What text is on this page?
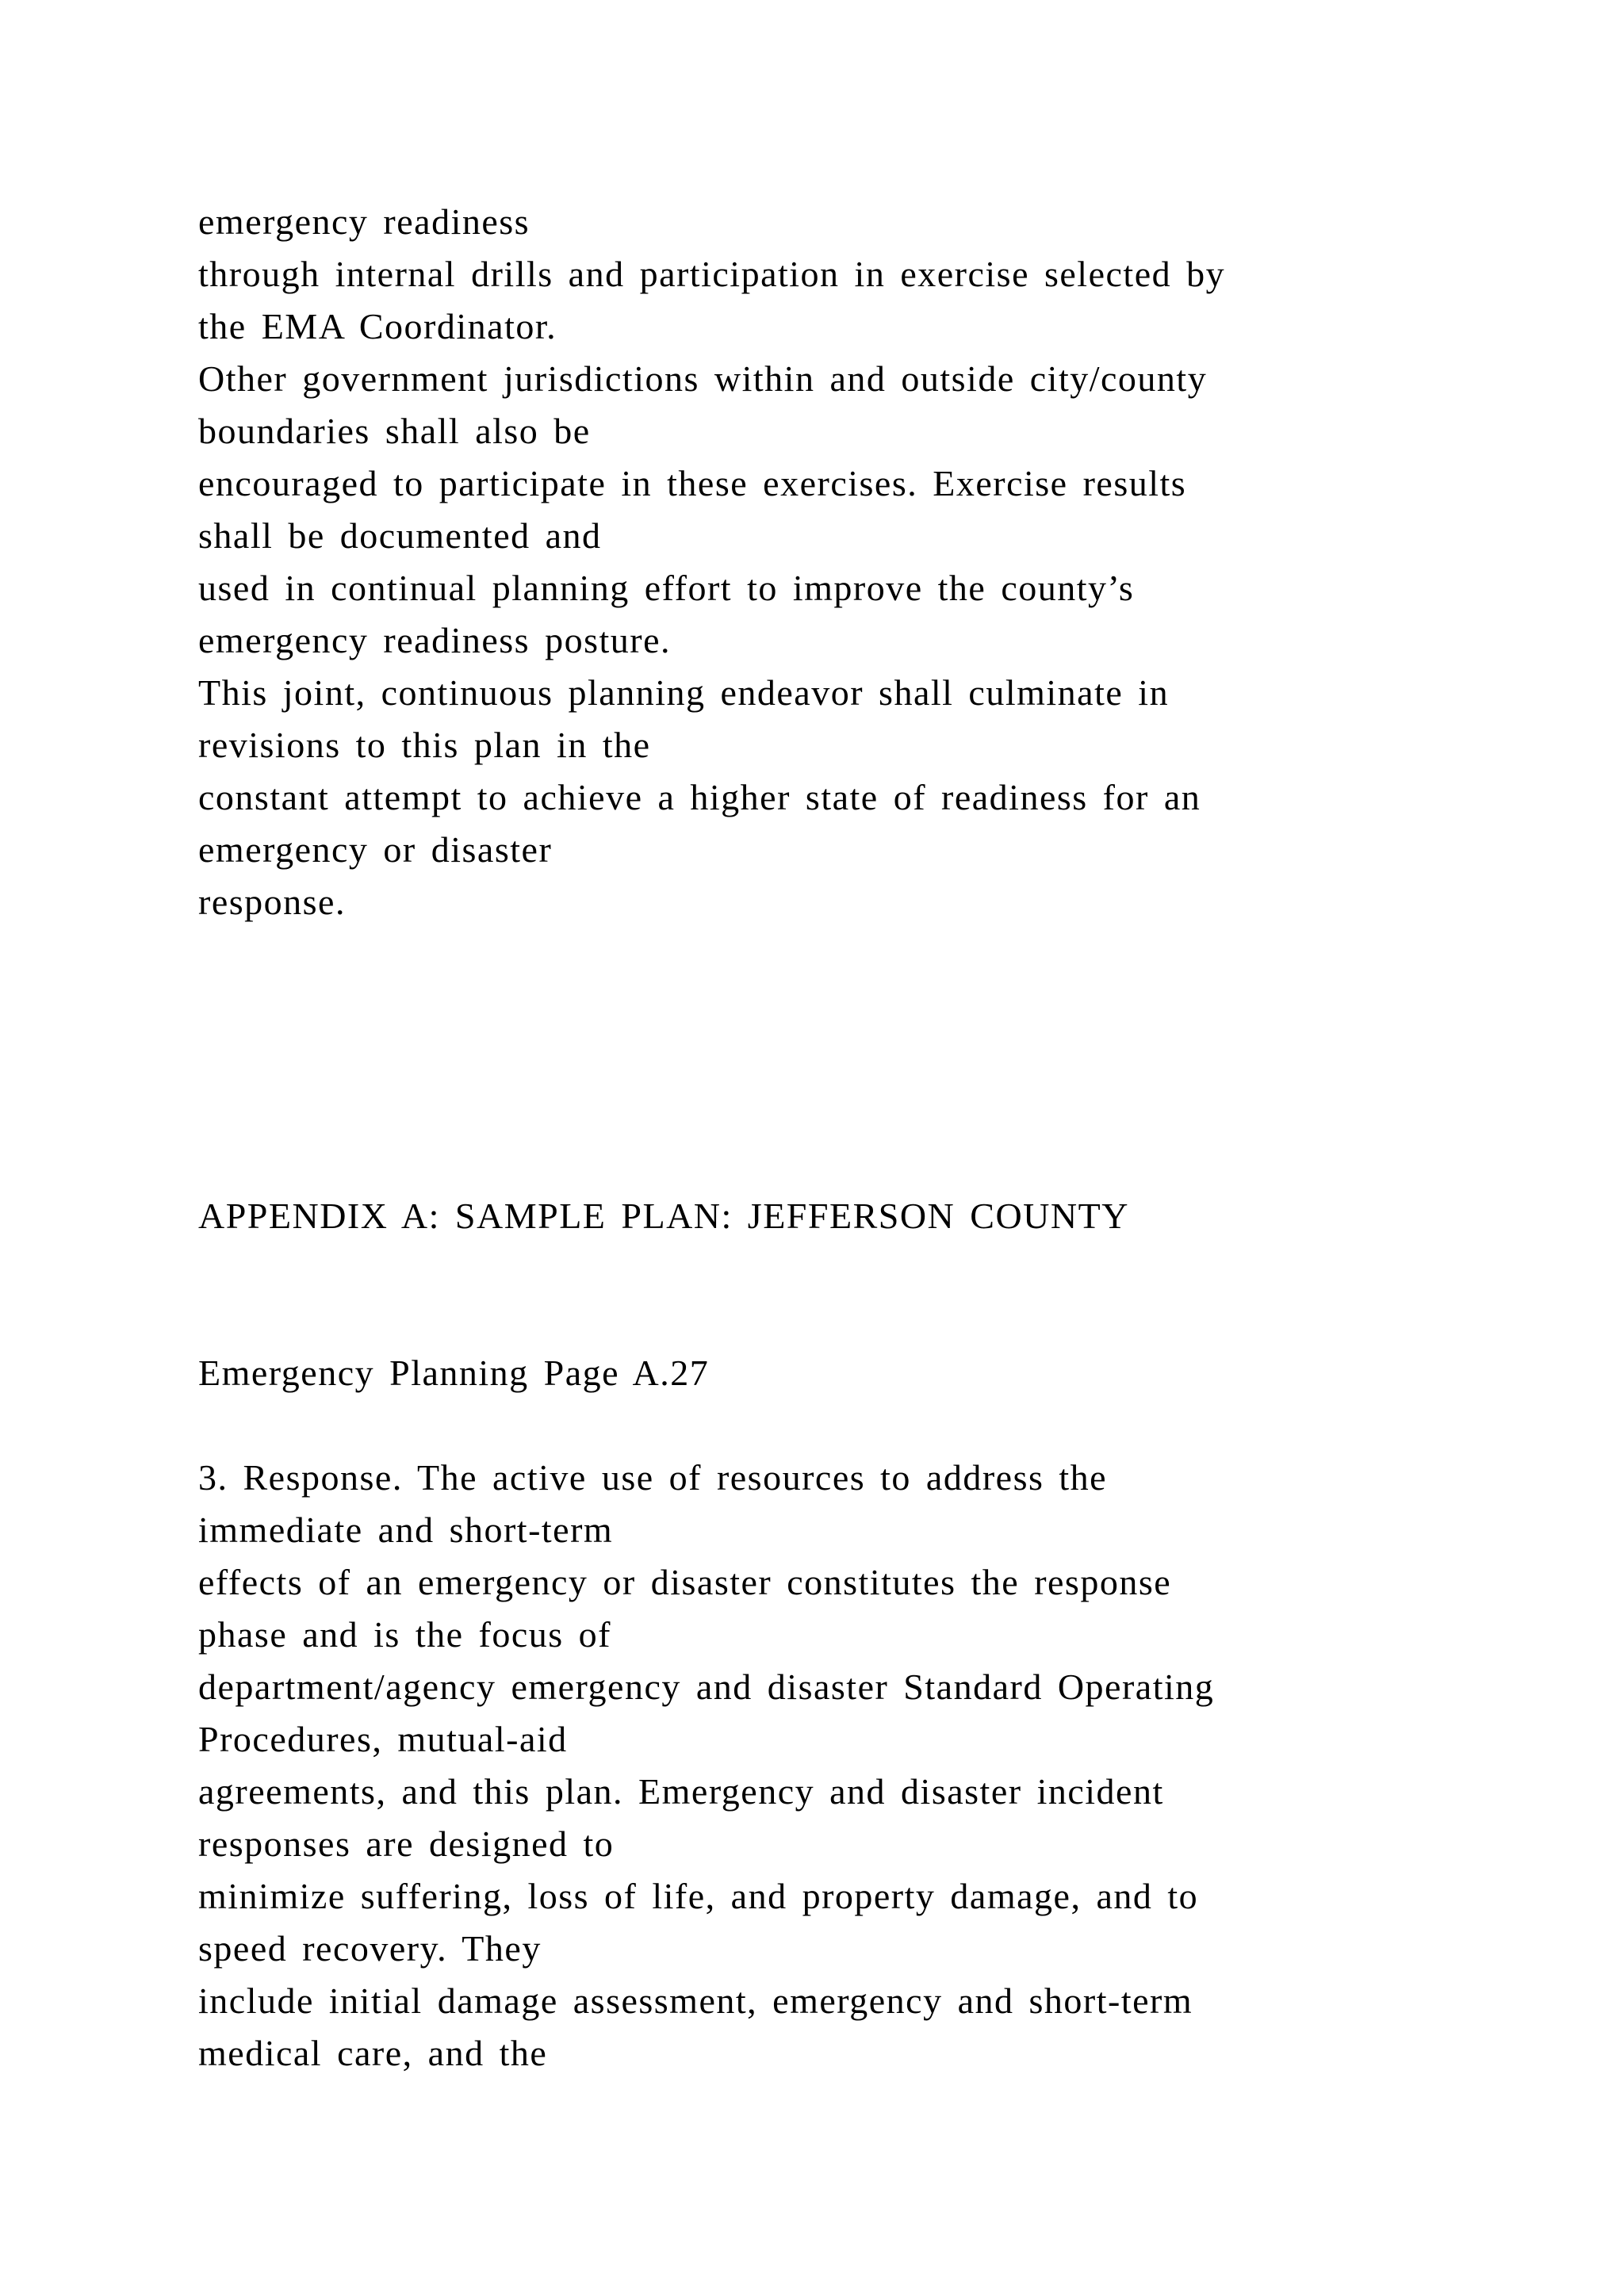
emergency readiness

through internal drills and participation in exercise selected by

the EMA Coordinator.

Other government jurisdictions within and outside city/county

boundaries shall also be

encouraged to participate in these exercises. Exercise results

shall be documented and

used in continual planning effort to improve the county’s

emergency readiness posture.

This joint, continuous planning endeavor shall culminate in

revisions to this plan in the

constant attempt to achieve a higher state of readiness for an

emergency or disaster

response.

APPENDIX A: SAMPLE PLAN: JEFFERSON COUNTY

Emergency Planning Page A.27

3. Response. The active use of resources to address the

immediate and short-term

effects of an emergency or disaster constitutes the response

phase and is the focus of

department/agency emergency and disaster Standard Operating

Procedures, mutual-aid

agreements, and this plan. Emergency and disaster incident

responses are designed to

minimize suffering, loss of life, and property damage, and to

speed recovery. They

include initial damage assessment, emergency and short-term

medical care, and the
